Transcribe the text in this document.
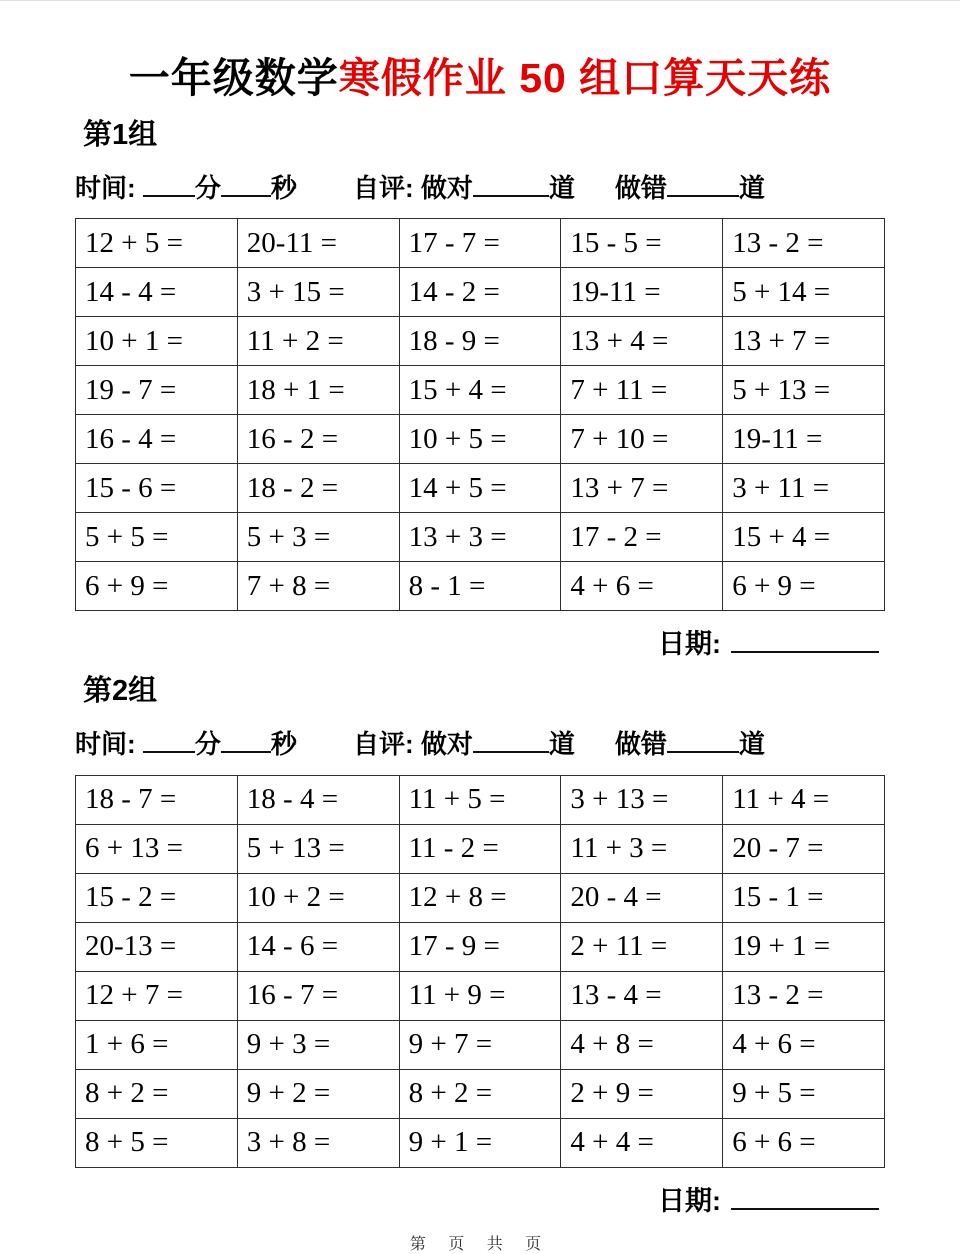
一年级数学寒假作业 50 组口算天天练
第1组
时间: 分 秒 自评: 做对	道 做错	道
12 + 5 =	20-11 =	17 - 7 =	15 - 5 =	13 - 2 =
14 - 4 =	3 + 15 =	14 - 2 =	19-11 =	5 + 14 =
10 + 1 =	11 + 2 =	18 - 9 =	13 + 4 =	13 + 7 =
19 - 7 =	18 + 1 =	15 + 4 =	7 + 11 =	5 + 13 =
16 - 4 =	16 - 2 =	10 + 5 =	7 + 10 =	19-11 =
15 - 6 =	18 - 2 =	14 + 5 =	13 + 7 =	3 + 11 =
5 + 5 =	5 + 3 =	13 + 3 =	17 - 2 =	15 + 4 =
6 + 9 =	7 + 8 =	8 - 1 =	4 + 6 =	6 + 9 =
日期:
第2组
时间: 分 秒 自评: 做对	道 做错	道
18 - 7 =	18 - 4 =	11 + 5 =	3 + 13 =	11 + 4 =
6 + 13 =	5 + 13 =	11 - 2 =	11 + 3 =	20 - 7 =
15 - 2 =	10 + 2 =	12 + 8 =	20 - 4 =	15 - 1 =
20-13 =	14 - 6 =	17 - 9 =	2 + 11 =	19 + 1 =
12 + 7 =	16 - 7 =	11 + 9 =	13 - 4 =	13 - 2 =
1 + 6 =	9 + 3 =	9 + 7 =	4 + 8 =	4 + 6 =
8 + 2 =	9 + 2 =	8 + 2 =	2 + 9 =	9 + 5 =
8 + 5 =	3 + 8 =	9 + 1 =	4 + 4 =	6 + 6 =
日期:
第 页 共 页
